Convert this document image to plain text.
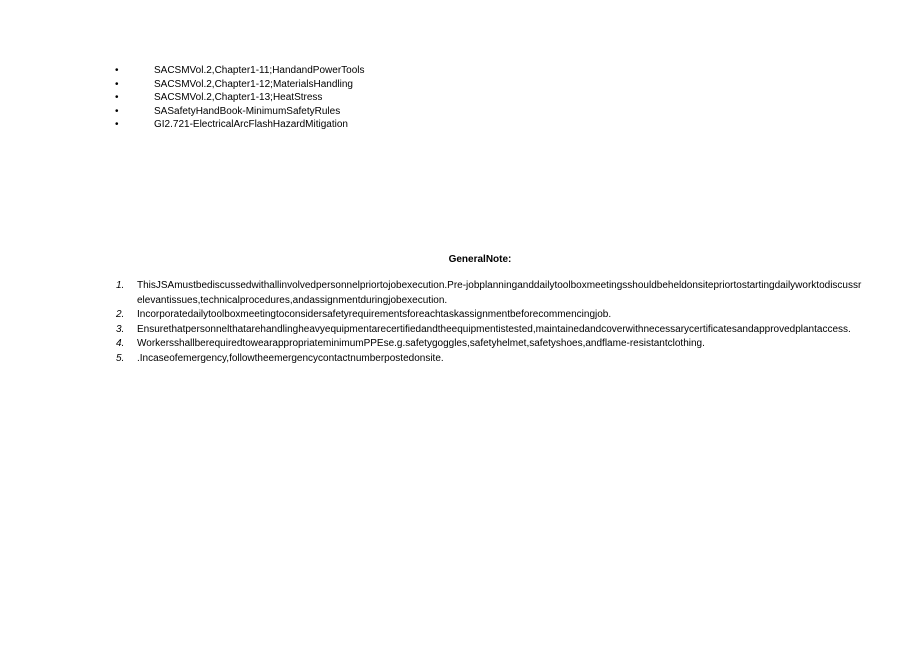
•	SACSMVol.2,Chapter1-11;HandandPowerTools
•	SACSMVol.2,Chapter1-12;MaterialsHandling
•	SACSMVol.2,Chapter1-13;HeatStress
•	SASafetyHandBook-MinimumSafetyRules
•	GI2.721-ElectricalArcFlashHazardMitigation
GeneralNote:
1.	ThisJSAmustbediscussedwithallinvolvedpersonnelpriortojobexecution.Pre-jobplanninganddailytoolboxmeetingsshouldbeheldonsitepriortostartingdailyworktodiscussrelevantissues,technicalprocedures,andassignmentduringjobexecution.
2.	Incorporatedailytoolboxmeetingtoconsidersafetyrequirementsforeachtaskassignmentbeforecommencingjob.
3.	Ensurethatpersonnelthatarehandlingheavyequipmentarecertifiedandtheequipmentistested,maintainedandcoverwithnecessarycertificatesandapprovedplantaccess.
4.	WorkersshallberequiredtowearappropriateminimumPPEse.g.safetygoggles,safetyhelmet,safetyshoes,andflame-resistantclothing.
5.	.Incaseofemergency,followtheemergencycontactnumberpostedonsite.
